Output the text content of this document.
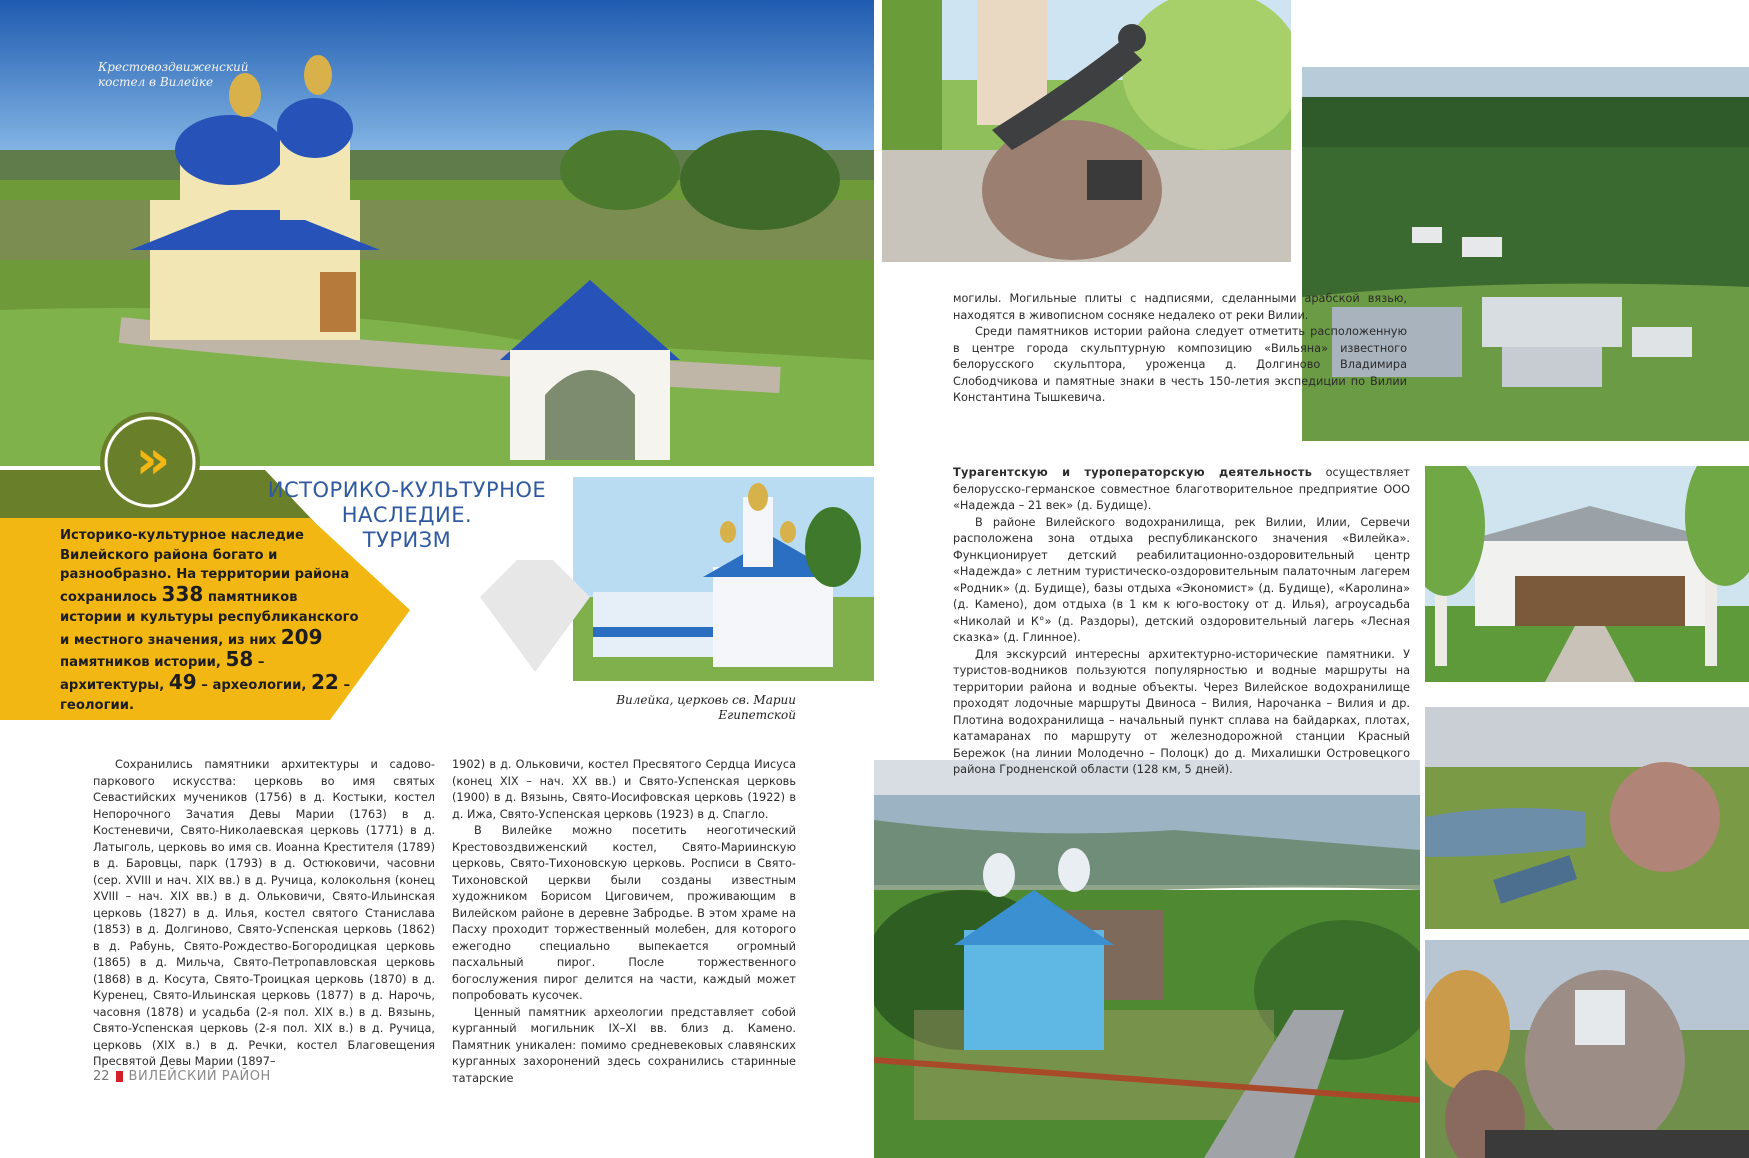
Крестовоздвиженский
костел в Вилейке
Вилейка, церковь св. Марии
Египетской
»	ИСТОРИКО-КУЛЬТУРНОЕ
НАСЛЕДИЕ.
ТУРИЗМ
Историко-культурное наследие Вилейского района богато и разнообразно. На территории района сохранилось 338 памятников истории и культуры республиканского и местного значения, из них 209 памятников истории, 58 – архитектуры, 49 – археологии, 22 – геологии.

Сохранились памятники архитектуры и садово-паркового искусства: церковь во имя святых Севастийских мучеников (1756) в д. Костыки, костел Непорочного Зачатия Девы Марии (1763) в д. Костеневичи, Свято-Николаевская церковь (1771) в д. Латыголь, церковь во имя св. Иоанна Крестителя (1789) в д. Баровцы, парк (1793) в д. Остюковичи, часовни (сер. XVIII и нач. XIX вв.) в д. Ручица, колокольня (конец XVIII – нач. XIX вв.) в д. Ольковичи, Свято-Ильинская церковь (1827) в д. Илья, костел святого Станислава (1853) в д. Долгиново, Свято-Успенская церковь (1862) в д. Рабунь, Свято-Рождество-Богородицкая церковь (1865) в д. Мильча, Свято-Петропавловская церковь (1868) в д. Косута, Свято-Троицкая церковь (1870) в д. Куренец, Свято-Ильинская церковь (1877) в д. Нарочь, часовня (1878) и усадьба (2-я пол. XIX в.) в д. Вязынь, Свято-Успенская церковь (2-я пол. XIX в.) в д. Ручица, церковь (XIX в.) в д. Речки, костел Благовещения Пресвятой Девы Марии (1897–

1902) в д. Ольковичи, костел Пресвятого Сердца Иисуса (конец XIX – нач. XX вв.) и Свято-Успенская церковь (1900) в д. Вязынь, Свято-Иосифовская церковь (1922) в д. Ижа, Свято-Успенская церковь (1923) в д. Спагло.

В Вилейке можно посетить неоготический Крестовоздвиженский костел, Свято-Мариинскую церковь, Свято-Тихоновскую церковь. Росписи в Свято-Тихоновской церкви были созданы известным художником Борисом Циговичем, проживающим в Вилейском районе в деревне Забродье. В этом храме на Пасху проходит торжественный молебен, для которого ежегодно специально выпекается огромный пасхальный пирог. После торжественного богослужения пирог делится на части, каждый может попробовать кусочек.

Ценный памятник археологии представляет собой курганный могильник IX–XI вв. близ д. Камено. Памятник уникален: помимо средневековых славянских курганных захоронений здесь сохранились старинные татарские

могилы. Могильные плиты с надписями, сделанными арабской вязью, находятся в живописном сосняке недалеко от реки Вилии.

Среди памятников истории района следует отметить расположенную в центре города скульптурную композицию «Вильяна» известного белорусского скульптора, уроженца д. Долгиново Владимира Слободчикова и памятные знаки в честь 150-летия экспедиции по Вилии Константина Тышкевича.

Турагентскую и туроператорскую деятельность осуществляет белорусско-германское совместное благотворительное предприятие ООО «Надежда – 21 век» (д. Будище).

В районе Вилейского водохранилища, рек Вилии, Илии, Сервечи расположена зона отдыха республиканского значения «Вилейка». Функционирует детский реабилитационно-оздоровительный центр «Надежда» с летним туристическо-оздоровительным палаточным лагерем «Родник» (д. Будище), базы отдыха «Экономист» (д. Будище), «Каролина» (д. Камено), дом отдыха (в 1 км к юго-востоку от д. Илья), агроусадьба «Николай и К°» (д. Раздоры), детский оздоровительный лагерь «Лесная сказка» (д. Глинное).

Для экскурсий интересны архитектурно-исторические памятники. У туристов-водников пользуются популярностью и водные маршруты на территории района и водные объекты. Через Вилейское водохранилище проходят лодочные маршруты Двиноса – Вилия, Нарочанка – Вилия и др. Плотина водохранилища – начальный пункт сплава на байдарках, плотах, катамаранах по маршруту от железнодорожной станции Красный Бережок (на линии Молодечно – Полоцк) до д. Михалишки Островецкого района Гродненской области (128 км, 5 дней).

22 ВИЛЕЙСКИЙ РАЙОН
